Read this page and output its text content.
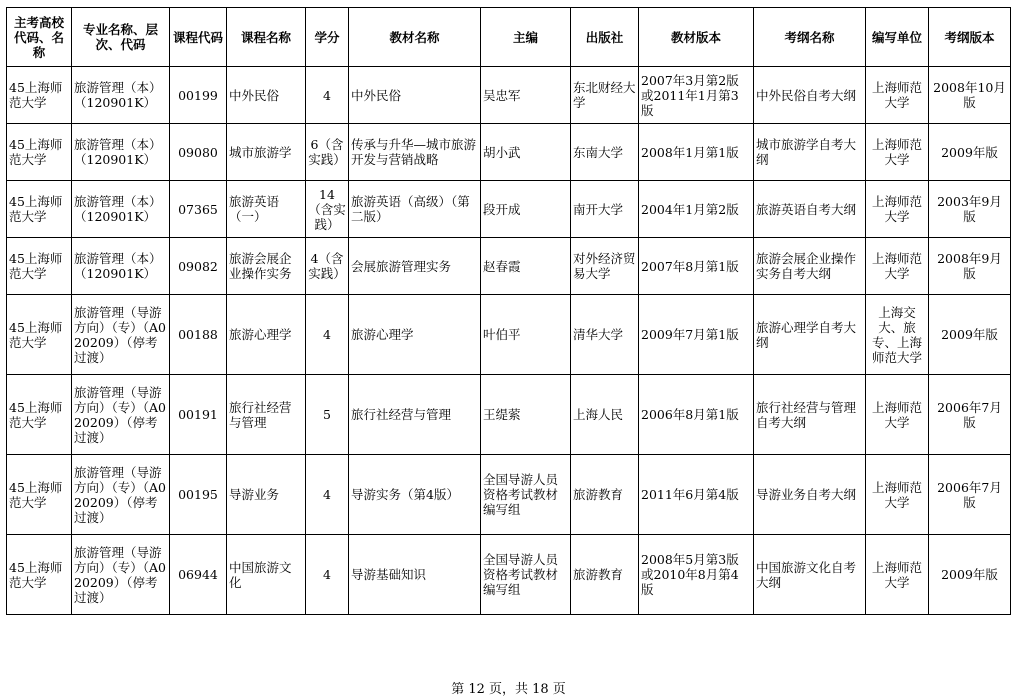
主考高校代码、名称	专业名称、层次、代码	课程代码	课程名称	学分	教材名称	主编	出版社	教材版本	考纲名称	编写单位	考纲版本
45上海师范大学	旅游管理（本）（120901K）	00199	中外民俗	4	中外民俗	吴忠军	东北财经大学	2007年3月第2版或2011年1月第3版	中外民俗自考大纲	上海师范大学	2008年10月版
45上海师范大学	旅游管理（本）（120901K）	09080	城市旅游学	6（含实践）	传承与升华—城市旅游开发与营销战略	胡小武	东南大学	2008年1月第1版	城市旅游学自考大纲	上海师范大学	2009年版
45上海师范大学	旅游管理（本）（120901K）	07365	旅游英语（一）	14（含实践）	旅游英语（高级）（第二版）	段开成	南开大学	2004年1月第2版	旅游英语自考大纲	上海师范大学	2003年9月版
45上海师范大学	旅游管理（本）（120901K）	09082	旅游会展企业操作实务	4（含实践）	会展旅游管理实务	赵春霞	对外经济贸易大学	2007年8月第1版	旅游会展企业操作实务自考大纲	上海师范大学	2008年9月版
45上海师范大学	旅游管理（导游方向）（专）（A020209）（停考过渡）	00188	旅游心理学	4	旅游心理学	叶伯平	清华大学	2009年7月第1版	旅游心理学自考大纲	上海交大、旅专、上海师范大学	2009年版
45上海师范大学	旅游管理（导游方向）（专）（A020209）（停考过渡）	00191	旅行社经营与管理	5	旅行社经营与管理	王缇萦	上海人民	2006年8月第1版	旅行社经营与管理自考大纲	上海师范大学	2006年7月版
45上海师范大学	旅游管理（导游方向）（专）（A020209）（停考过渡）	00195	导游业务	4	导游实务（第4版）	全国导游人员资格考试教材编写组	旅游教育	2011年6月第4版	导游业务自考大纲	上海师范大学	2006年7月版
45上海师范大学	旅游管理（导游方向）（专）（A020209）（停考过渡）	06944	中国旅游文化	4	导游基础知识	全国导游人员资格考试教材编写组	旅游教育	2008年5月第3版或2010年8月第4版	中国旅游文化自考大纲	上海师范大学	2009年版
第 12 页，共 18 页
